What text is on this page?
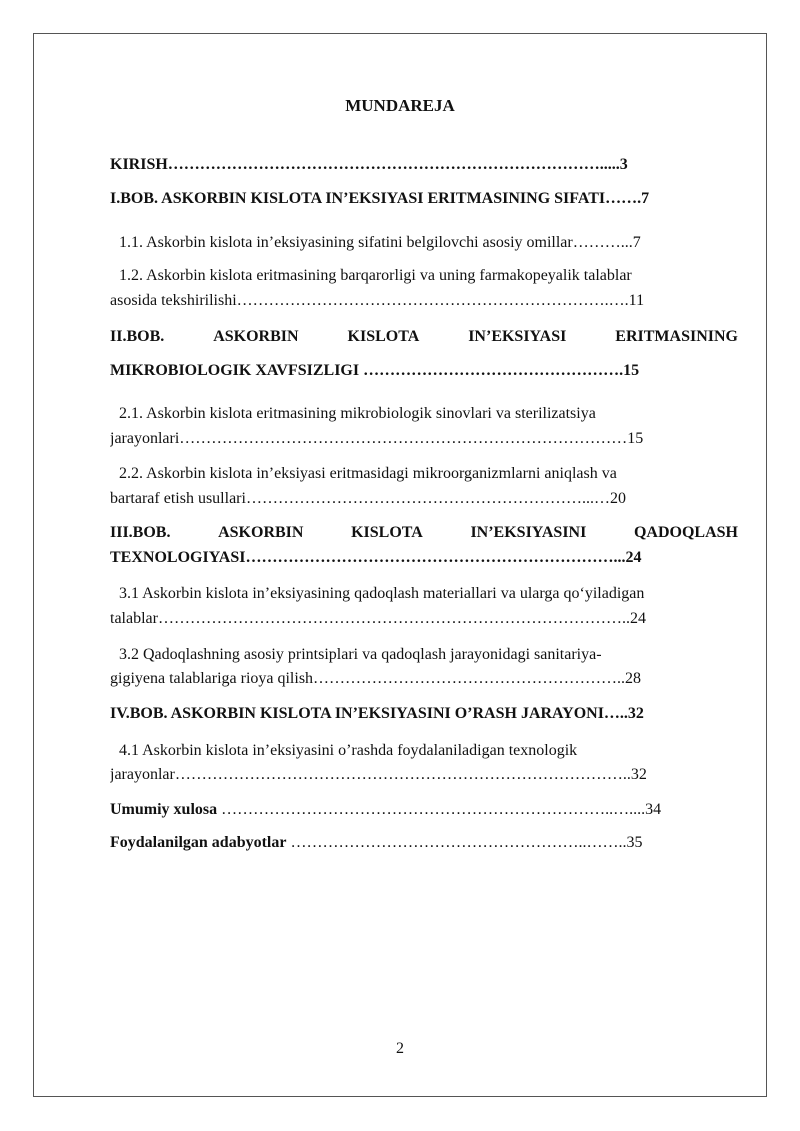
MUNDAREJA
KIRISH……………………………………………………………………….....3
I.BOB. ASKORBIN KISLOTA IN’EKSIYASI ERITMASINING SIFATI…….7
1.1. Askorbin kislota in’eksiyasining sifatini belgilovchi asosiy omillar………...7
1.2. Askorbin kislota eritmasining barqarorligi va uning farmakopeyalik talablar
asosida tekshirilishi…………………………………………………………….….11
II.BOB.	ASKORBIN	KISLOTA	IN’EKSIYASI	ERITMASINING
MIKROBIOLOGIK XAVFSIZLIGI ………………………………………….15
2.1. Askorbin kislota eritmasining mikrobiologik sinovlari va sterilizatsiya
jarayonlari…………………………………………………………………………15
2.2. Askorbin kislota in’eksiyasi eritmasidagi mikroorganizmlarni aniqlash va
bartaraf etish usullari………………………………………………………...…20
III.BOB.	ASKORBIN	KISLOTA	IN’EKSIYASINI	QADOQLASH
TEXNOLOGIYASI……………………………………………………………...24
3.1 Askorbin kislota in’eksiyasining qadoqlash materiallari va ularga qo‘yiladigan
talablar……………………………………………………………………………..24
3.2 Qadoqlashning asosiy printsiplari va qadoqlash jarayonidagi sanitariya-
gigiyena talablariga rioya qilish…………………………………………………..28
IV.BOB. ASKORBIN KISLOTA IN’EKSIYASINI O’RASH JARAYONI…..32
4.1 Askorbin kislota in’eksiyasini o’rashda foydalaniladigan texnologik
jarayonlar…………………………………………………………………………..32
Umumiy xulosa ………………………………………………………………..…....34
Foydalanilgan adabyotlar ………………………………………………..……..35
2
